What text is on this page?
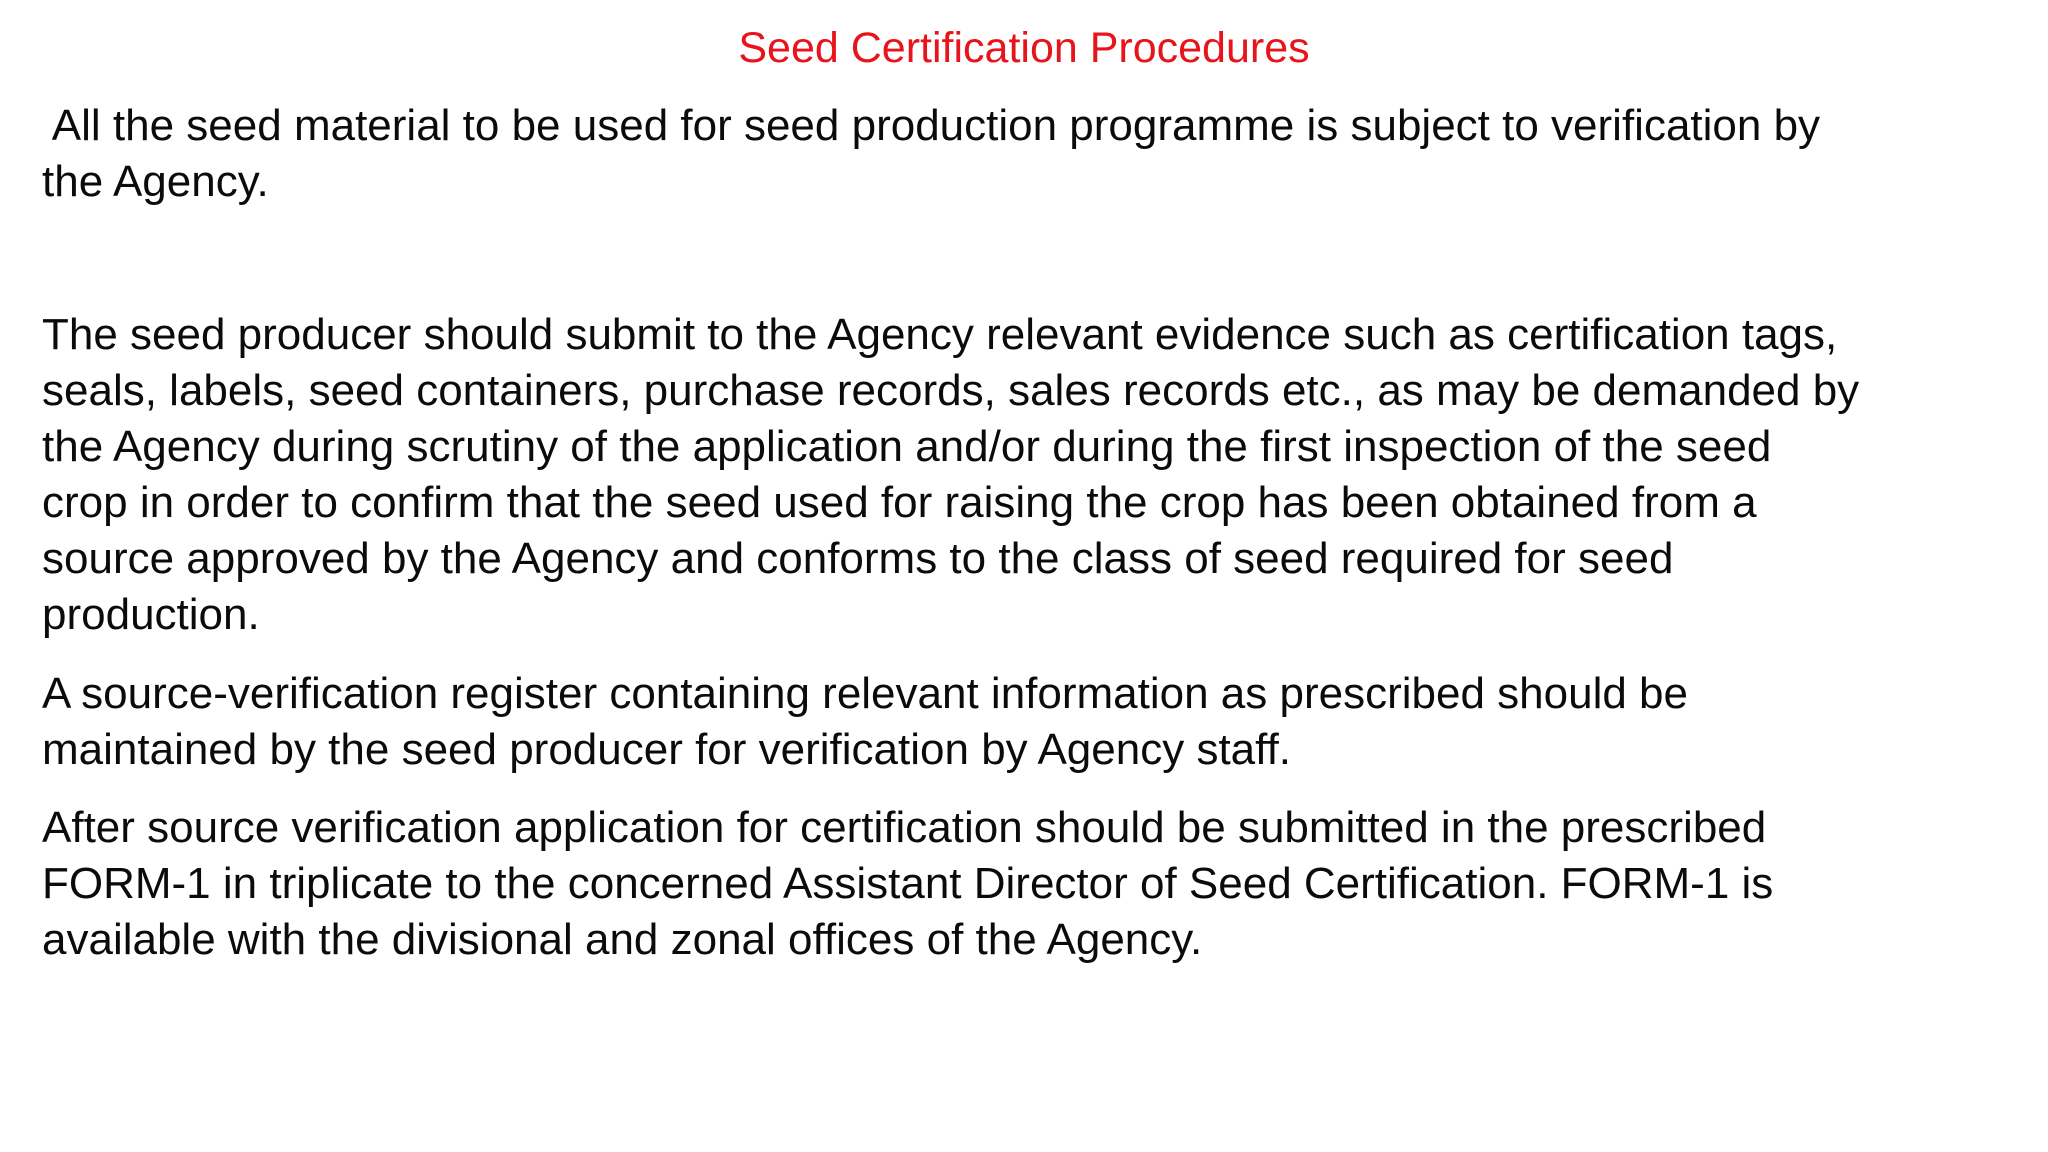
Seed Certification Procedures

All the seed material to be used for seed production programme is subject to verification by
the Agency.

The seed producer should submit to the Agency relevant evidence such as certification tags,
seals, labels, seed containers, purchase records, sales records etc., as may be demanded by
the Agency during scrutiny of the application and/or during the first inspection of the seed
crop in order to confirm that the seed used for raising the crop has been obtained from a
source approved by the Agency and conforms to the class of seed required for seed
production.

A source-verification register containing relevant information as prescribed should be
maintained by the seed producer for verification by Agency staff.

After source verification application for certification should be submitted in the prescribed
FORM-1 in triplicate to the concerned Assistant Director of Seed Certification. FORM-1 is
available with the divisional and zonal offices of the Agency.
